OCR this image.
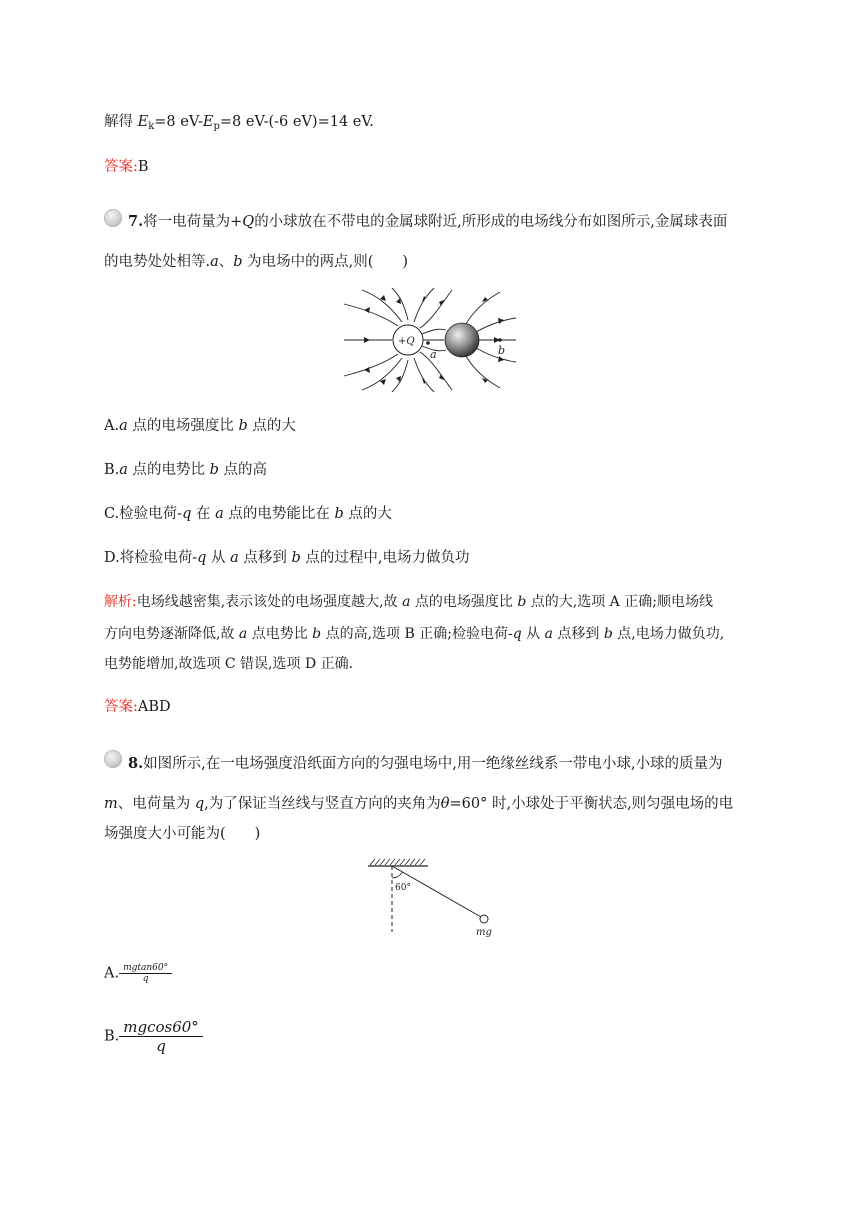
解得 $E_k=8$ $eV-E_p=8$ eV-(-6 eV)=14 eV.
答案:B
7.将一电荷量为+Q的小球放在不带电的金属球附近,所形成的电场线分布如图所示,金属球表面
的电势处处相等.a、b 为电场中的两点,则(　　)
+Q
a	b
A.a 点的电场强度比 b 点的大
B.a 点的电势比 b 点的高
C.检验电荷-q 在 a 点的电势能比在 b 点的大
D.将检验电荷-q 从 a 点移到 b 点的过程中,电场力做负功
解析:电场线越密集,表示该处的电场强度越大,故 a 点的电场强度比 b 点的大,选项 A 正确;顺电场线
方向电势逐渐降低,故 a 点电势比 b 点的高,选项 B 正确;检验电荷-q 从 a 点移到 b 点,电场力做负功,
电势能增加,故选项 C 错误,选项 D 正确.
答案:ABD
8.如图所示,在一电场强度沿纸面方向的匀强电场中,用一绝缘丝线系一带电小球,小球的质量为
m、电荷量为 q,为了保证当丝线与竖直方向的夹角为θ=60° 时,小球处于平衡状态,则匀强电场的电
场强度大小可能为(　　)
60°
mg
A. $\frac{mgtan60^\circ}{q}$
B. $\frac{mgcos60^\circ}{q}$
